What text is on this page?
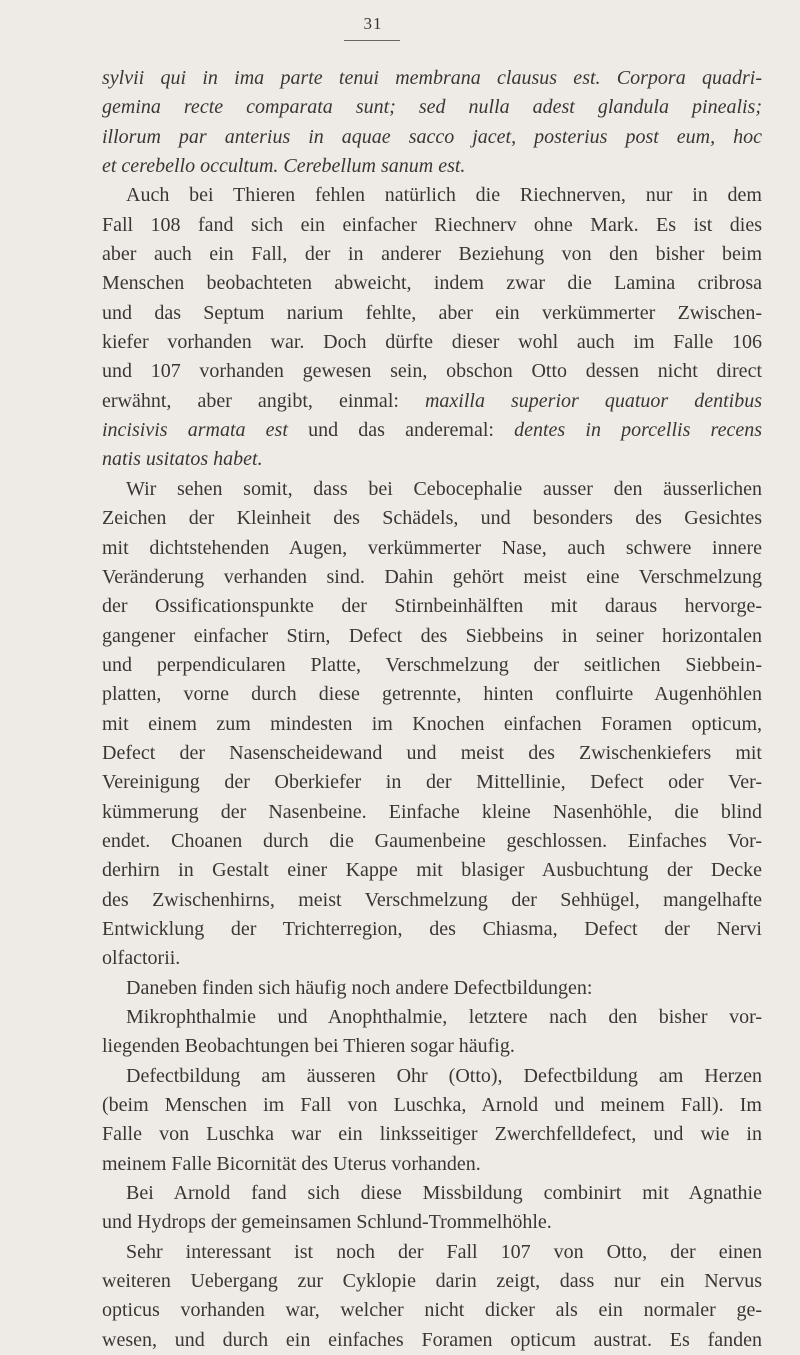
31
sylvii qui in ima parte tenui membrana clausus est. Corpora quadri-
gemina recte comparata sunt; sed nulla adest glandula pinealis;
illorum par anterius in aquae sacco jacet, posterius post eum, hoc
et cerebello occultum. Cerebellum sanum est.
Auch bei Thieren fehlen natürlich die Riechnerven, nur in dem
Fall 108 fand sich ein einfacher Riechnerv ohne Mark. Es ist dies
aber auch ein Fall, der in anderer Beziehung von den bisher beim
Menschen beobachteten abweicht, indem zwar die Lamina cribrosa
und das Septum narium fehlte, aber ein verkümmerter Zwischen-
kiefer vorhanden war. Doch dürfte dieser wohl auch im Falle 106
und 107 vorhanden gewesen sein, obschon Otto dessen nicht direct
erwähnt, aber angibt, einmal: maxilla superior quatuor dentibus
incisivis armata est und das anderemal: dentes in porcellis recens
natis usitatos habet.
Wir sehen somit, dass bei Cebocephalie ausser den äusserlichen
Zeichen der Kleinheit des Schädels, und besonders des Gesichtes
mit dichtstehenden Augen, verkümmerter Nase, auch schwere innere
Veränderung verhanden sind. Dahin gehört meist eine Verschmelzung
der Ossificationspunkte der Stirnbeinhälften mit daraus hervorge-
gangener einfacher Stirn, Defect des Siebbeins in seiner horizontalen
und perpendicularen Platte, Verschmelzung der seitlichen Siebbein-
platten, vorne durch diese getrennte, hinten confluirte Augenhöhlen
mit einem zum mindesten im Knochen einfachen Foramen opticum,
Defect der Nasenscheidewand und meist des Zwischenkiefers mit
Vereinigung der Oberkiefer in der Mittellinie, Defect oder Ver-
kümmerung der Nasenbeine. Einfache kleine Nasenhöhle, die blind
endet. Choanen durch die Gaumenbeine geschlossen. Einfaches Vor-
derhirn in Gestalt einer Kappe mit blasiger Ausbuchtung der Decke
des Zwischenhirns, meist Verschmelzung der Sehhügel, mangelhafte
Entwicklung der Trichterregion, des Chiasma, Defect der Nervi
olfactorii.
Daneben finden sich häufig noch andere Defectbildungen:
Mikrophthalmie und Anophthalmie, letztere nach den bisher vor-
liegenden Beobachtungen bei Thieren sogar häufig.
Defectbildung am äusseren Ohr (Otto), Defectbildung am Herzen
(beim Menschen im Fall von Luschka, Arnold und meinem Fall). Im
Falle von Luschka war ein linksseitiger Zwerchfelldefect, und wie in
meinem Falle Bicornität des Uterus vorhanden.
Bei Arnold fand sich diese Missbildung combinirt mit Agnathie
und Hydrops der gemeinsamen Schlund-Trommelhöhle.
Sehr interessant ist noch der Fall 107 von Otto, der einen
weiteren Uebergang zur Cyklopie darin zeigt, dass nur ein Nervus
opticus vorhanden war, welcher nicht dicker als ein normaler ge-
wesen, und durch ein einfaches Foramen opticum austrat. Es fanden
